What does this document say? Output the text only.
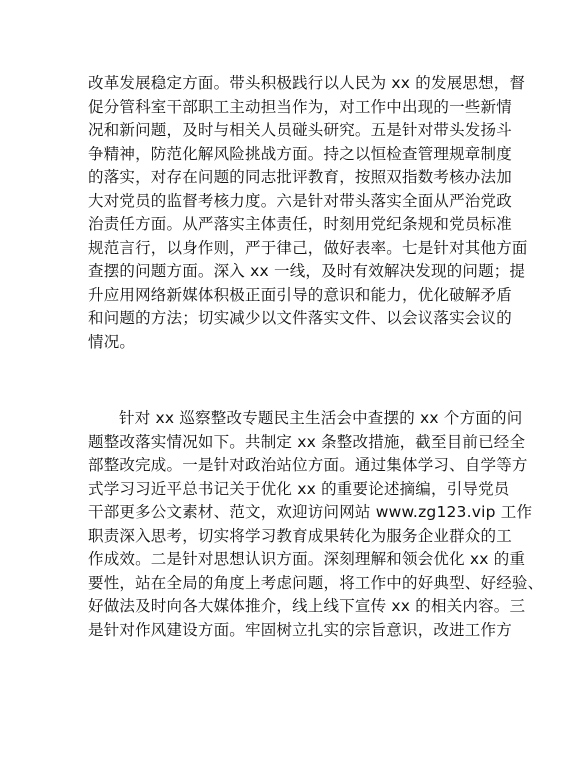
改革发展稳定方面。带头积极践行以人民为 xx 的发展思想，督
促分管科室干部职工主动担当作为，对工作中出现的一些新情
况和新问题，及时与相关人员碰头研究。五是针对带头发扬斗
争精神，防范化解风险挑战方面。持之以恒检查管理规章制度
的落实，对存在问题的同志批评教育，按照双指数考核办法加
大对党员的监督考核力度。六是针对带头落实全面从严治党政
治责任方面。从严落实主体责任，时刻用党纪条规和党员标准
规范言行，以身作则，严于律己，做好表率。七是针对其他方面
查摆的问题方面。深入 xx 一线，及时有效解决发现的问题；提
升应用网络新媒体积极正面引导的意识和能力，优化破解矛盾
和问题的方法；切实减少以文件落实文件、以会议落实会议的
情况。
针对 xx 巡察整改专题民主生活会中查摆的 xx 个方面的问
题整改落实情况如下。共制定 xx 条整改措施，截至目前已经全
部整改完成。一是针对政治站位方面。通过集体学习、自学等方
式学习习近平总书记关于优化 xx 的重要论述摘编，引导党员
干部更多公文素材、范文，欢迎访问网站 www.zg123.vip 工作
职责深入思考，切实将学习教育成果转化为服务企业群众的工
作成效。二是针对思想认识方面。深刻理解和领会优化 xx 的重
要性，站在全局的角度上考虑问题，将工作中的好典型、好经验、
好做法及时向各大媒体推介，线上线下宣传 xx 的相关内容。三
是针对作风建设方面。牢固树立扎实的宗旨意识，改进工作方
